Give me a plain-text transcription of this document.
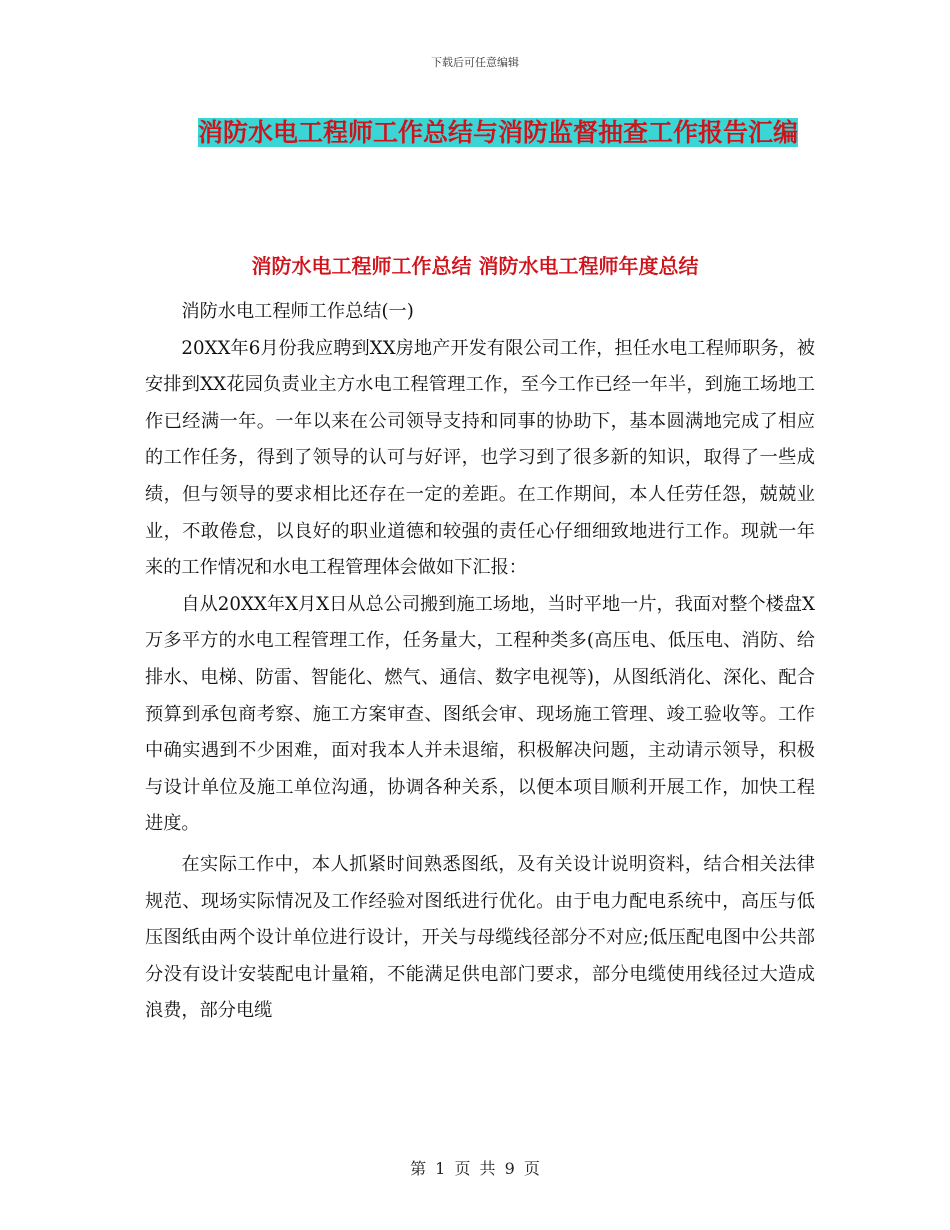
下载后可任意编辑
消防水电工程师工作总结与消防监督抽查工作报告汇编
消防水电工程师工作总结 消防水电工程师年度总结

消防水电工程师工作总结(一)

20XX年6月份我应聘到XX房地产开发有限公司工作，担任水电工程师职务，被安排到XX花园负责业主方水电工程管理工作，至今工作已经一年半，到施工场地工作已经满一年。一年以来在公司领导支持和同事的协助下，基本圆满地完成了相应的工作任务，得到了领导的认可与好评，也学习到了很多新的知识，取得了一些成绩，但与领导的要求相比还存在一定的差距。在工作期间，本人任劳任怨，兢兢业业，不敢倦怠，以良好的职业道德和较强的责任心仔细细致地进行工作。现就一年来的工作情况和水电工程管理体会做如下汇报：

自从20XX年X月X日从总公司搬到施工场地，当时平地一片，我面对整个楼盘X万多平方的水电工程管理工作，任务量大，工程种类多(高压电、低压电、消防、给排水、电梯、防雷、智能化、燃气、通信、数字电视等)，从图纸消化、深化、配合预算到承包商考察、施工方案审查、图纸会审、现场施工管理、竣工验收等。工作中确实遇到不少困难，面对我本人并未退缩，积极解决问题，主动请示领导，积极与设计单位及施工单位沟通，协调各种关系，以便本项目顺利开展工作，加快工程进度。

在实际工作中，本人抓紧时间熟悉图纸，及有关设计说明资料，结合相关法律规范、现场实际情况及工作经验对图纸进行优化。由于电力配电系统中，高压与低压图纸由两个设计单位进行设计，开关与母缆线径部分不对应;低压配电图中公共部分没有设计安装配电计量箱，不能满足供电部门要求，部分电缆使用线径过大造成浪费，部分电缆

第 1 页 共 9 页
